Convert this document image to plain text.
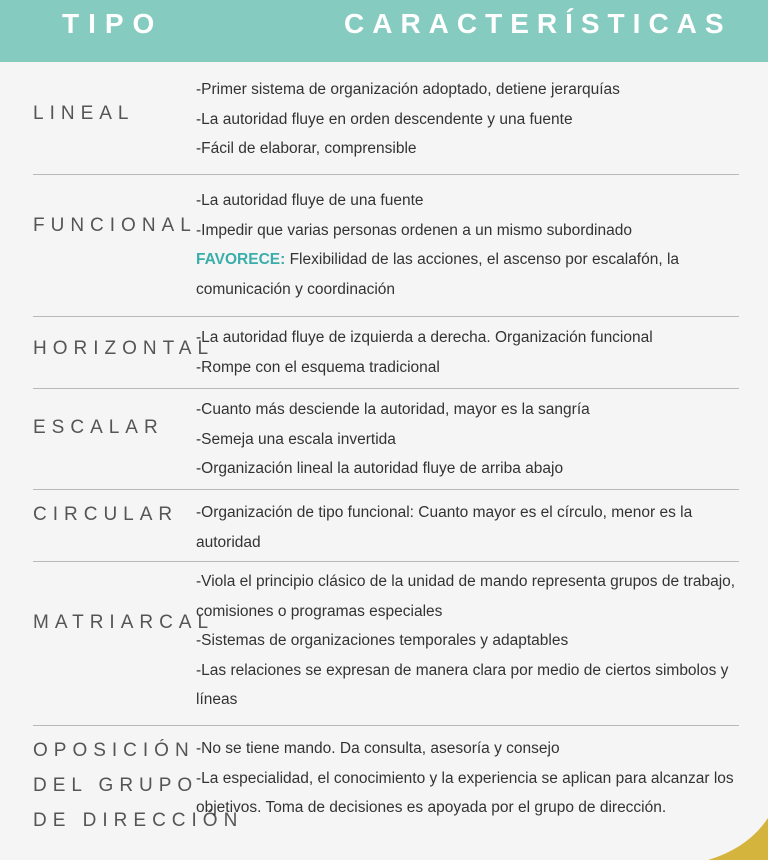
TIPO	CARACTERÍSTICAS
LINEAL
-Primer sistema de organización adoptado, detiene jerarquías
-La autoridad fluye en orden descendente y una fuente
-Fácil de elaborar, comprensible
FUNCIONAL
-La autoridad fluye de una fuente
-Impedir que varias personas ordenen a un mismo subordinado
FAVORECE: Flexibilidad de las acciones, el ascenso por escalafón, la comunicación y coordinación
HORIZONTAL
-La autoridad fluye de izquierda a derecha. Organización funcional
-Rompe con el esquema tradicional
ESCALAR
-Cuanto más desciende la autoridad, mayor es la sangría
-Semeja una escala invertida
-Organización lineal la autoridad fluye de arriba abajo
CIRCULAR -Organización de tipo funcional: Cuanto mayor es el círculo, menor es la autoridad
MATRIARCAL
-Viola el principio clásico de la unidad de mando representa grupos de trabajo, comisiones o programas especiales
-Sistemas de organizaciones temporales y adaptables
-Las relaciones se expresan de manera clara por medio de ciertos simbolos y líneas
OPOSICIÓN
DEL GRUPO
DE DIRECCIÓN
-No se tiene mando. Da consulta, asesoría y consejo
-La especialidad, el conocimiento y la experiencia se aplican para alcanzar los objetivos. Toma de decisiones es apoyada por el grupo de dirección.
